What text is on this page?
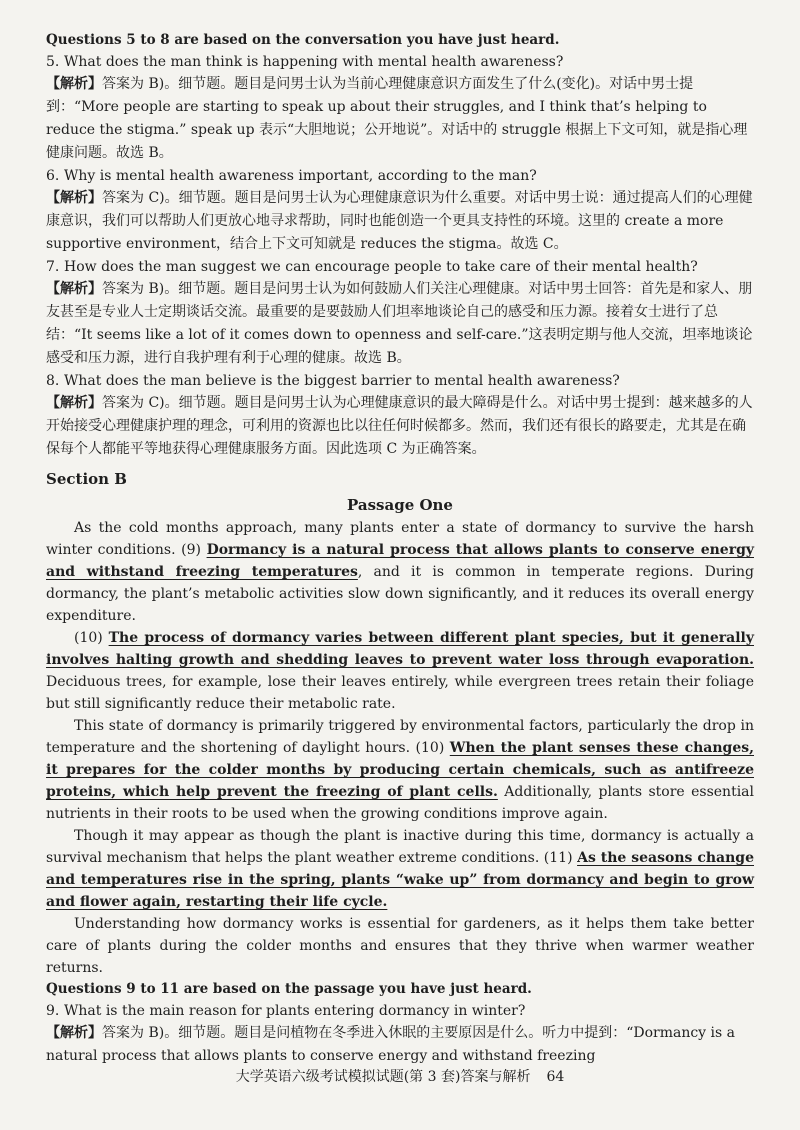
Questions 5 to 8 are based on the conversation you have just heard.
5. What does the man think is happening with mental health awareness?
【解析】答案为 B)。细节题。题目是问男士认为当前心理健康意识方面发生了什么(变化)。对话中男士提到：“More people are starting to speak up about their struggles, and I think that’s helping to reduce the stigma.” speak up 表示“大胆地说；公开地说”。对话中的 struggle 根据上下文可知，就是指心理健康问题。故选 B。
6. Why is mental health awareness important, according to the man?
【解析】答案为 C)。细节题。题目是问男士认为心理健康意识为什么重要。对话中男士说：通过提高人们的心理健康意识，我们可以帮助人们更放心地寻求帮助，同时也能创造一个更具支持性的环境。这里的 create a more supportive environment，结合上下文可知就是 reduces the stigma。故选 C。
7. How does the man suggest we can encourage people to take care of their mental health?
【解析】答案为 B)。细节题。题目是问男士认为如何鼓励人们关注心理健康。对话中男士回答：首先是和家人、朋友甚至是专业人士定期谈话交流。最重要的是要鼓励人们坦率地谈论自己的感受和压力源。接着女士进行了总结：“It seems like a lot of it comes down to openness and self-care.”这表明定期与他人交流，坦率地谈论感受和压力源，进行自我护理有利于心理的健康。故选 B。
8. What does the man believe is the biggest barrier to mental health awareness?
【解析】答案为 C)。细节题。题目是问男士认为心理健康意识的最大障碍是什么。对话中男士提到：越来越多的人开始接受心理健康护理的理念，可利用的资源也比以往任何时候都多。然而，我们还有很长的路要走，尤其是在确保每个人都能平等地获得心理健康服务方面。因此选项 C 为正确答案。
Section B
Passage One
As the cold months approach, many plants enter a state of dormancy to survive the harsh winter conditions. (9) Dormancy is a natural process that allows plants to conserve energy and withstand freezing temperatures, and it is common in temperate regions. During dormancy, the plant’s metabolic activities slow down significantly, and it reduces its overall energy expenditure.
(10) The process of dormancy varies between different plant species, but it generally involves halting growth and shedding leaves to prevent water loss through evaporation. Deciduous trees, for example, lose their leaves entirely, while evergreen trees retain their foliage but still significantly reduce their metabolic rate.
This state of dormancy is primarily triggered by environmental factors, particularly the drop in temperature and the shortening of daylight hours. (10) When the plant senses these changes, it prepares for the colder months by producing certain chemicals, such as antifreeze proteins, which help prevent the freezing of plant cells. Additionally, plants store essential nutrients in their roots to be used when the growing conditions improve again.
Though it may appear as though the plant is inactive during this time, dormancy is actually a survival mechanism that helps the plant weather extreme conditions. (11) As the seasons change and temperatures rise in the spring, plants “wake up” from dormancy and begin to grow and flower again, restarting their life cycle.
Understanding how dormancy works is essential for gardeners, as it helps them take better care of plants during the colder months and ensures that they thrive when warmer weather returns.
Questions 9 to 11 are based on the passage you have just heard.
9. What is the main reason for plants entering dormancy in winter?
【解析】答案为 B)。细节题。题目是问植物在冬季进入休眠的主要原因是什么。听力中提到：“Dormancy is a natural process that allows plants to conserve energy and withstand freezing
大学英语六级考试模拟试题(第 3 套)答案与解析 64
